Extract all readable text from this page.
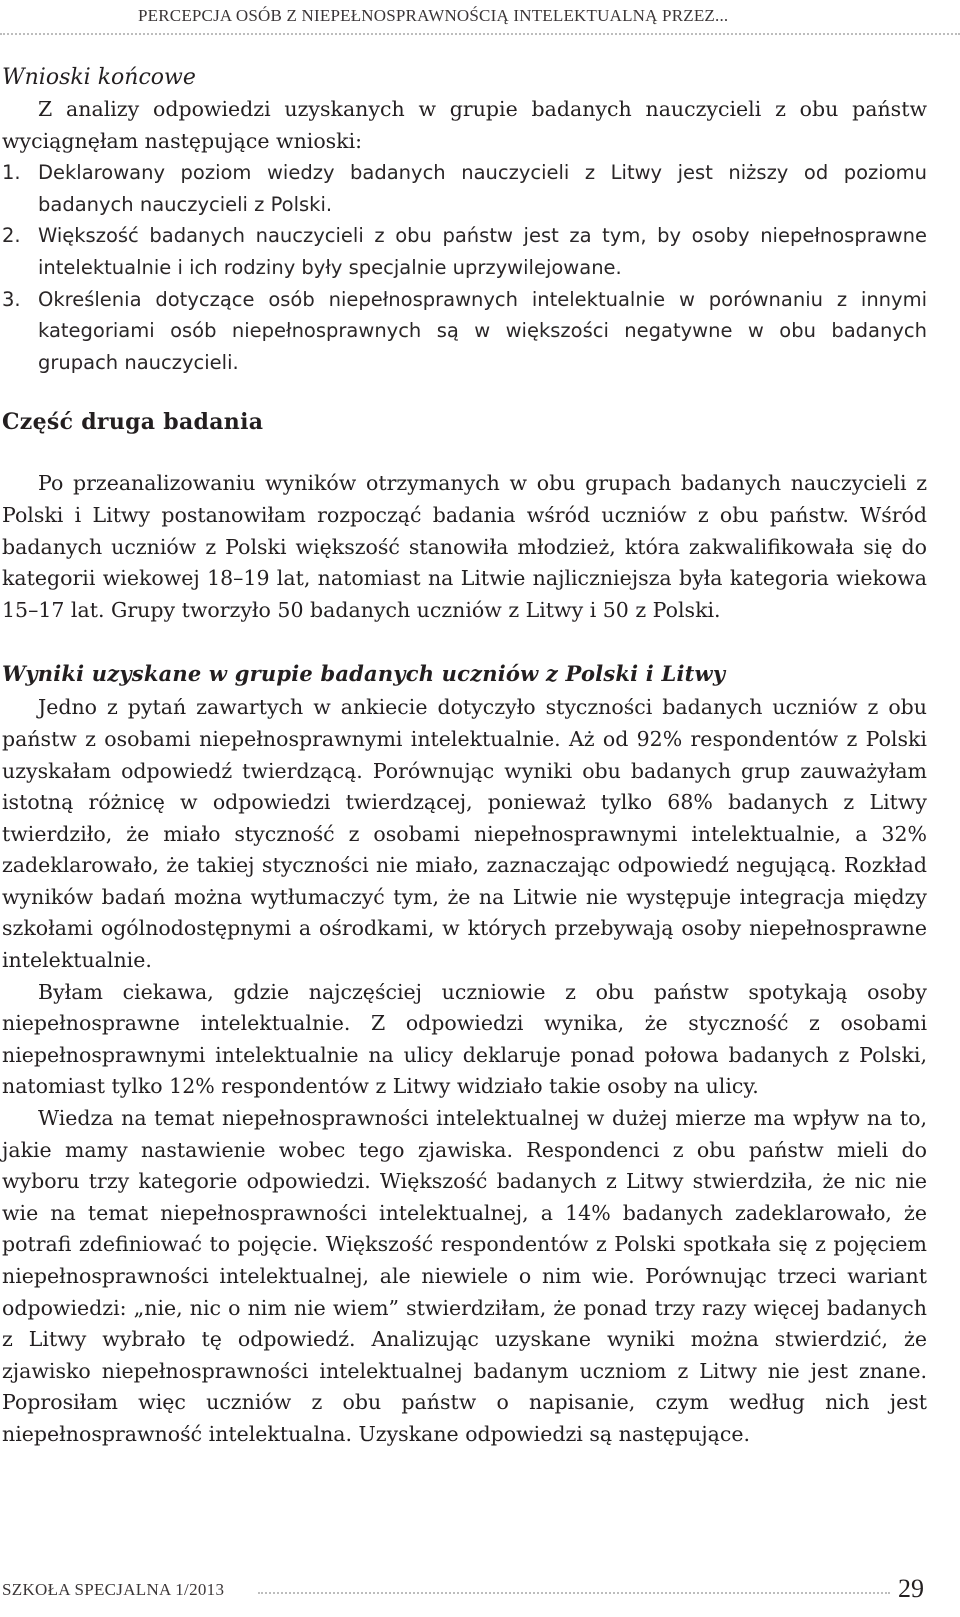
PERCEPCJA OSÓB Z NIEPEŁNOSPRAWNOŚCIĄ INTELEKTUALNĄ PRZEZ...

Wnioski końcowe

Z analizy odpowiedzi uzyskanych w grupie badanych nauczycieli z obu państw wyciągnęłam następujące wnioski:

1. Deklarowany poziom wiedzy badanych nauczycieli z Litwy jest niższy od poziomu badanych nauczycieli z Polski.
2. Większość badanych nauczycieli z obu państw jest za tym, by osoby niepełnosprawne intelektualnie i ich rodziny były specjalnie uprzywilejowane.
3. Określenia dotyczące osób niepełnosprawnych intelektualnie w porównaniu z innymi kategoriami osób niepełnosprawnych są w większości negatywne w obu badanych grupach nauczycieli.
Część druga badania

Po przeanalizowaniu wyników otrzymanych w obu grupach badanych nauczycieli z Polski i Litwy postanowiłam rozpocząć badania wśród uczniów z obu państw. Wśród badanych uczniów z Polski większość stanowiła młodzież, która zakwalifikowała się do kategorii wiekowej 18–19 lat, natomiast na Litwie najliczniejsza była kategoria wiekowa 15–17 lat. Grupy tworzyło 50 badanych uczniów z Litwy i 50 z Polski.

Wyniki uzyskane w grupie badanych uczniów z Polski i Litwy

Jedno z pytań zawartych w ankiecie dotyczyło styczności badanych uczniów z obu państw z osobami niepełnosprawnymi intelektualnie. Aż od 92% respondentów z Polski uzyskałam odpowiedź twierdzącą. Porównując wyniki obu badanych grup zauważyłam istotną różnicę w odpowiedzi twierdzącej, ponieważ tylko 68% badanych z Litwy twierdziło, że miało styczność z osobami niepełnosprawnymi intelektualnie, a 32% zadeklarowało, że takiej styczności nie miało, zaznaczając odpowiedź negującą. Rozkład wyników badań można wytłumaczyć tym, że na Litwie nie występuje integracja między szkołami ogólnodostępnymi a ośrodkami, w których przebywają osoby niepełnosprawne intelektualnie.

Byłam ciekawa, gdzie najczęściej uczniowie z obu państw spotykają osoby niepełnosprawne intelektualnie. Z odpowiedzi wynika, że styczność z osobami niepełnosprawnymi intelektualnie na ulicy deklaruje ponad połowa badanych z Polski, natomiast tylko 12% respondentów z Litwy widziało takie osoby na ulicy.

Wiedza na temat niepełnosprawności intelektualnej w dużej mierze ma wpływ na to, jakie mamy nastawienie wobec tego zjawiska. Respondenci z obu państw mieli do wyboru trzy kategorie odpowiedzi. Większość badanych z Litwy stwierdziła, że nic nie wie na temat niepełnosprawności intelektualnej, a 14% badanych zadeklarowało, że potrafi zdefiniować to pojęcie. Większość respondentów z Polski spotkała się z pojęciem niepełnosprawności intelektualnej, ale niewiele o nim wie. Porównując trzeci wariant odpowiedzi: „nie, nic o nim nie wiem” stwierdziłam, że ponad trzy razy więcej badanych z Litwy wybrało tę odpowiedź. Analizując uzyskane wyniki można stwierdzić, że zjawisko niepełnosprawności intelektualnej badanym uczniom z Litwy nie jest znane. Poprosiłam więc uczniów z obu państw o napisanie, czym według nich jest niepełnosprawność intelektualna. Uzyskane odpowiedzi są następujące.

SZKOŁA SPECJALNA 1/2013	29
